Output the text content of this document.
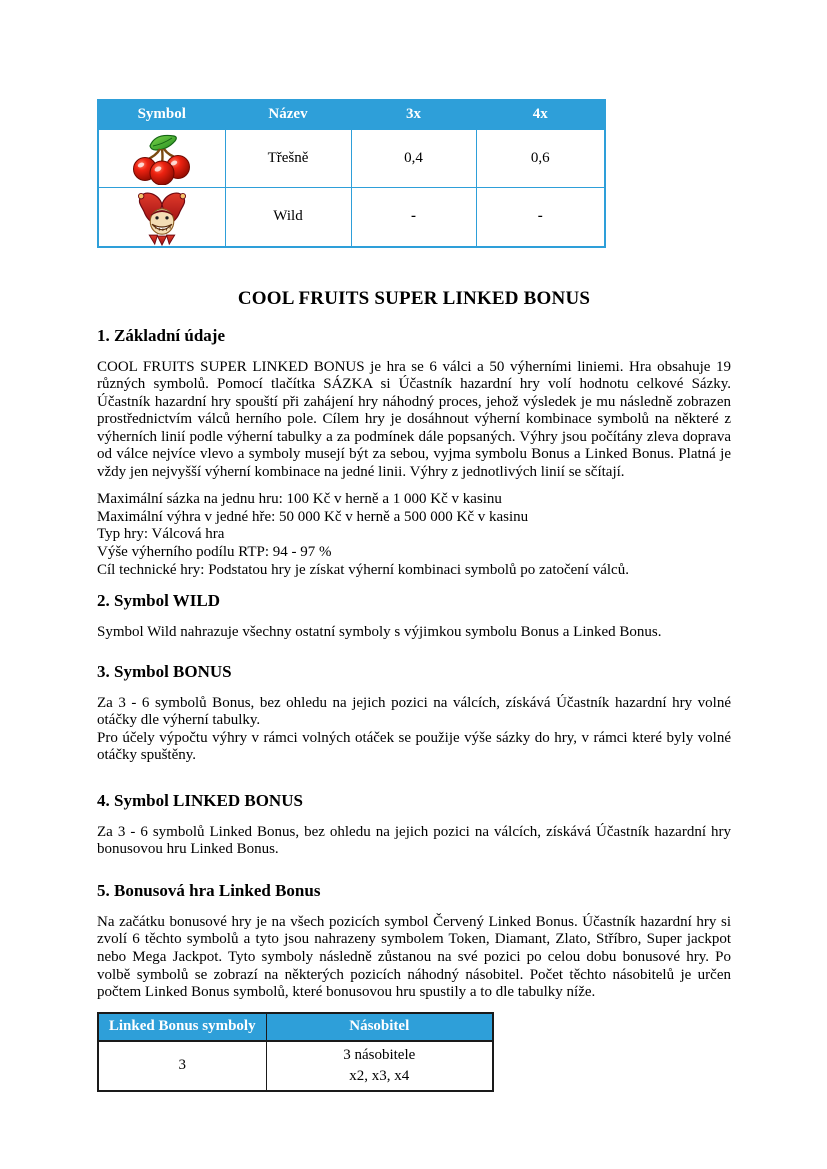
Symbol	Název	3x	4x

	Třešně	0,4	0,6

	Wild	-	-
COOL FRUITS SUPER LINKED BONUS
1. Základní údaje
COOL FRUITS SUPER LINKED BONUS je hra se 6 válci a 50 výherními liniemi. Hra obsahuje 19 různých symbolů. Pomocí tlačítka SÁZKA si Účastník hazardní hry volí hodnotu celkové Sázky. Účastník hazardní hry spouští při zahájení hry náhodný proces, jehož výsledek je mu následně zobrazen prostřednictvím válců herního pole. Cílem hry je dosáhnout výherní kombinace symbolů na některé z výherních linií podle výherní tabulky a za podmínek dále popsaných. Výhry jsou počítány zleva doprava od válce nejvíce vlevo a symboly musejí být za sebou, vyjma symbolu Bonus a Linked Bonus. Platná je vždy jen nejvyšší výherní kombinace na jedné linii. Výhry z jednotlivých linií se sčítají.
Maximální sázka na jednu hru: 100 Kč v herně a 1 000 Kč v kasinu
Maximální výhra v jedné hře: 50 000 Kč v herně a 500 000 Kč v kasinu
Typ hry: Válcová hra
Výše výherního podílu RTP: 94 - 97 %
Cíl technické hry: Podstatou hry je získat výherní kombinaci symbolů po zatočení válců.
2. Symbol WILD
Symbol Wild nahrazuje všechny ostatní symboly s výjimkou symbolu Bonus a Linked Bonus.
3. Symbol BONUS
Za 3 - 6 symbolů Bonus, bez ohledu na jejich pozici na válcích, získává Účastník hazardní hry volné otáčky dle výherní tabulky.
Pro účely výpočtu výhry v rámci volných otáček se použije výše sázky do hry, v rámci které byly volné otáčky spuštěny.
4. Symbol LINKED BONUS
Za 3 - 6 symbolů Linked Bonus, bez ohledu na jejich pozici na válcích, získává Účastník hazardní hry bonusovou hru Linked Bonus.
5. Bonusová hra Linked Bonus
Na začátku bonusové hry je na všech pozicích symbol Červený Linked Bonus. Účastník hazardní hry si zvolí 6 těchto symbolů a tyto jsou nahrazeny symbolem Token, Diamant, Zlato, Stříbro, Super jackpot nebo Mega Jackpot. Tyto symboly následně zůstanou na své pozici po celou dobu bonusové hry. Po volbě symbolů se zobrazí na některých pozicích náhodný násobitel. Počet těchto násobitelů je určen počtem Linked Bonus symbolů, které bonusovou hru spustily a to dle tabulky níže.
Linked Bonus symboly	Násobitel
3	3 násobitele
x2, x3, x4
